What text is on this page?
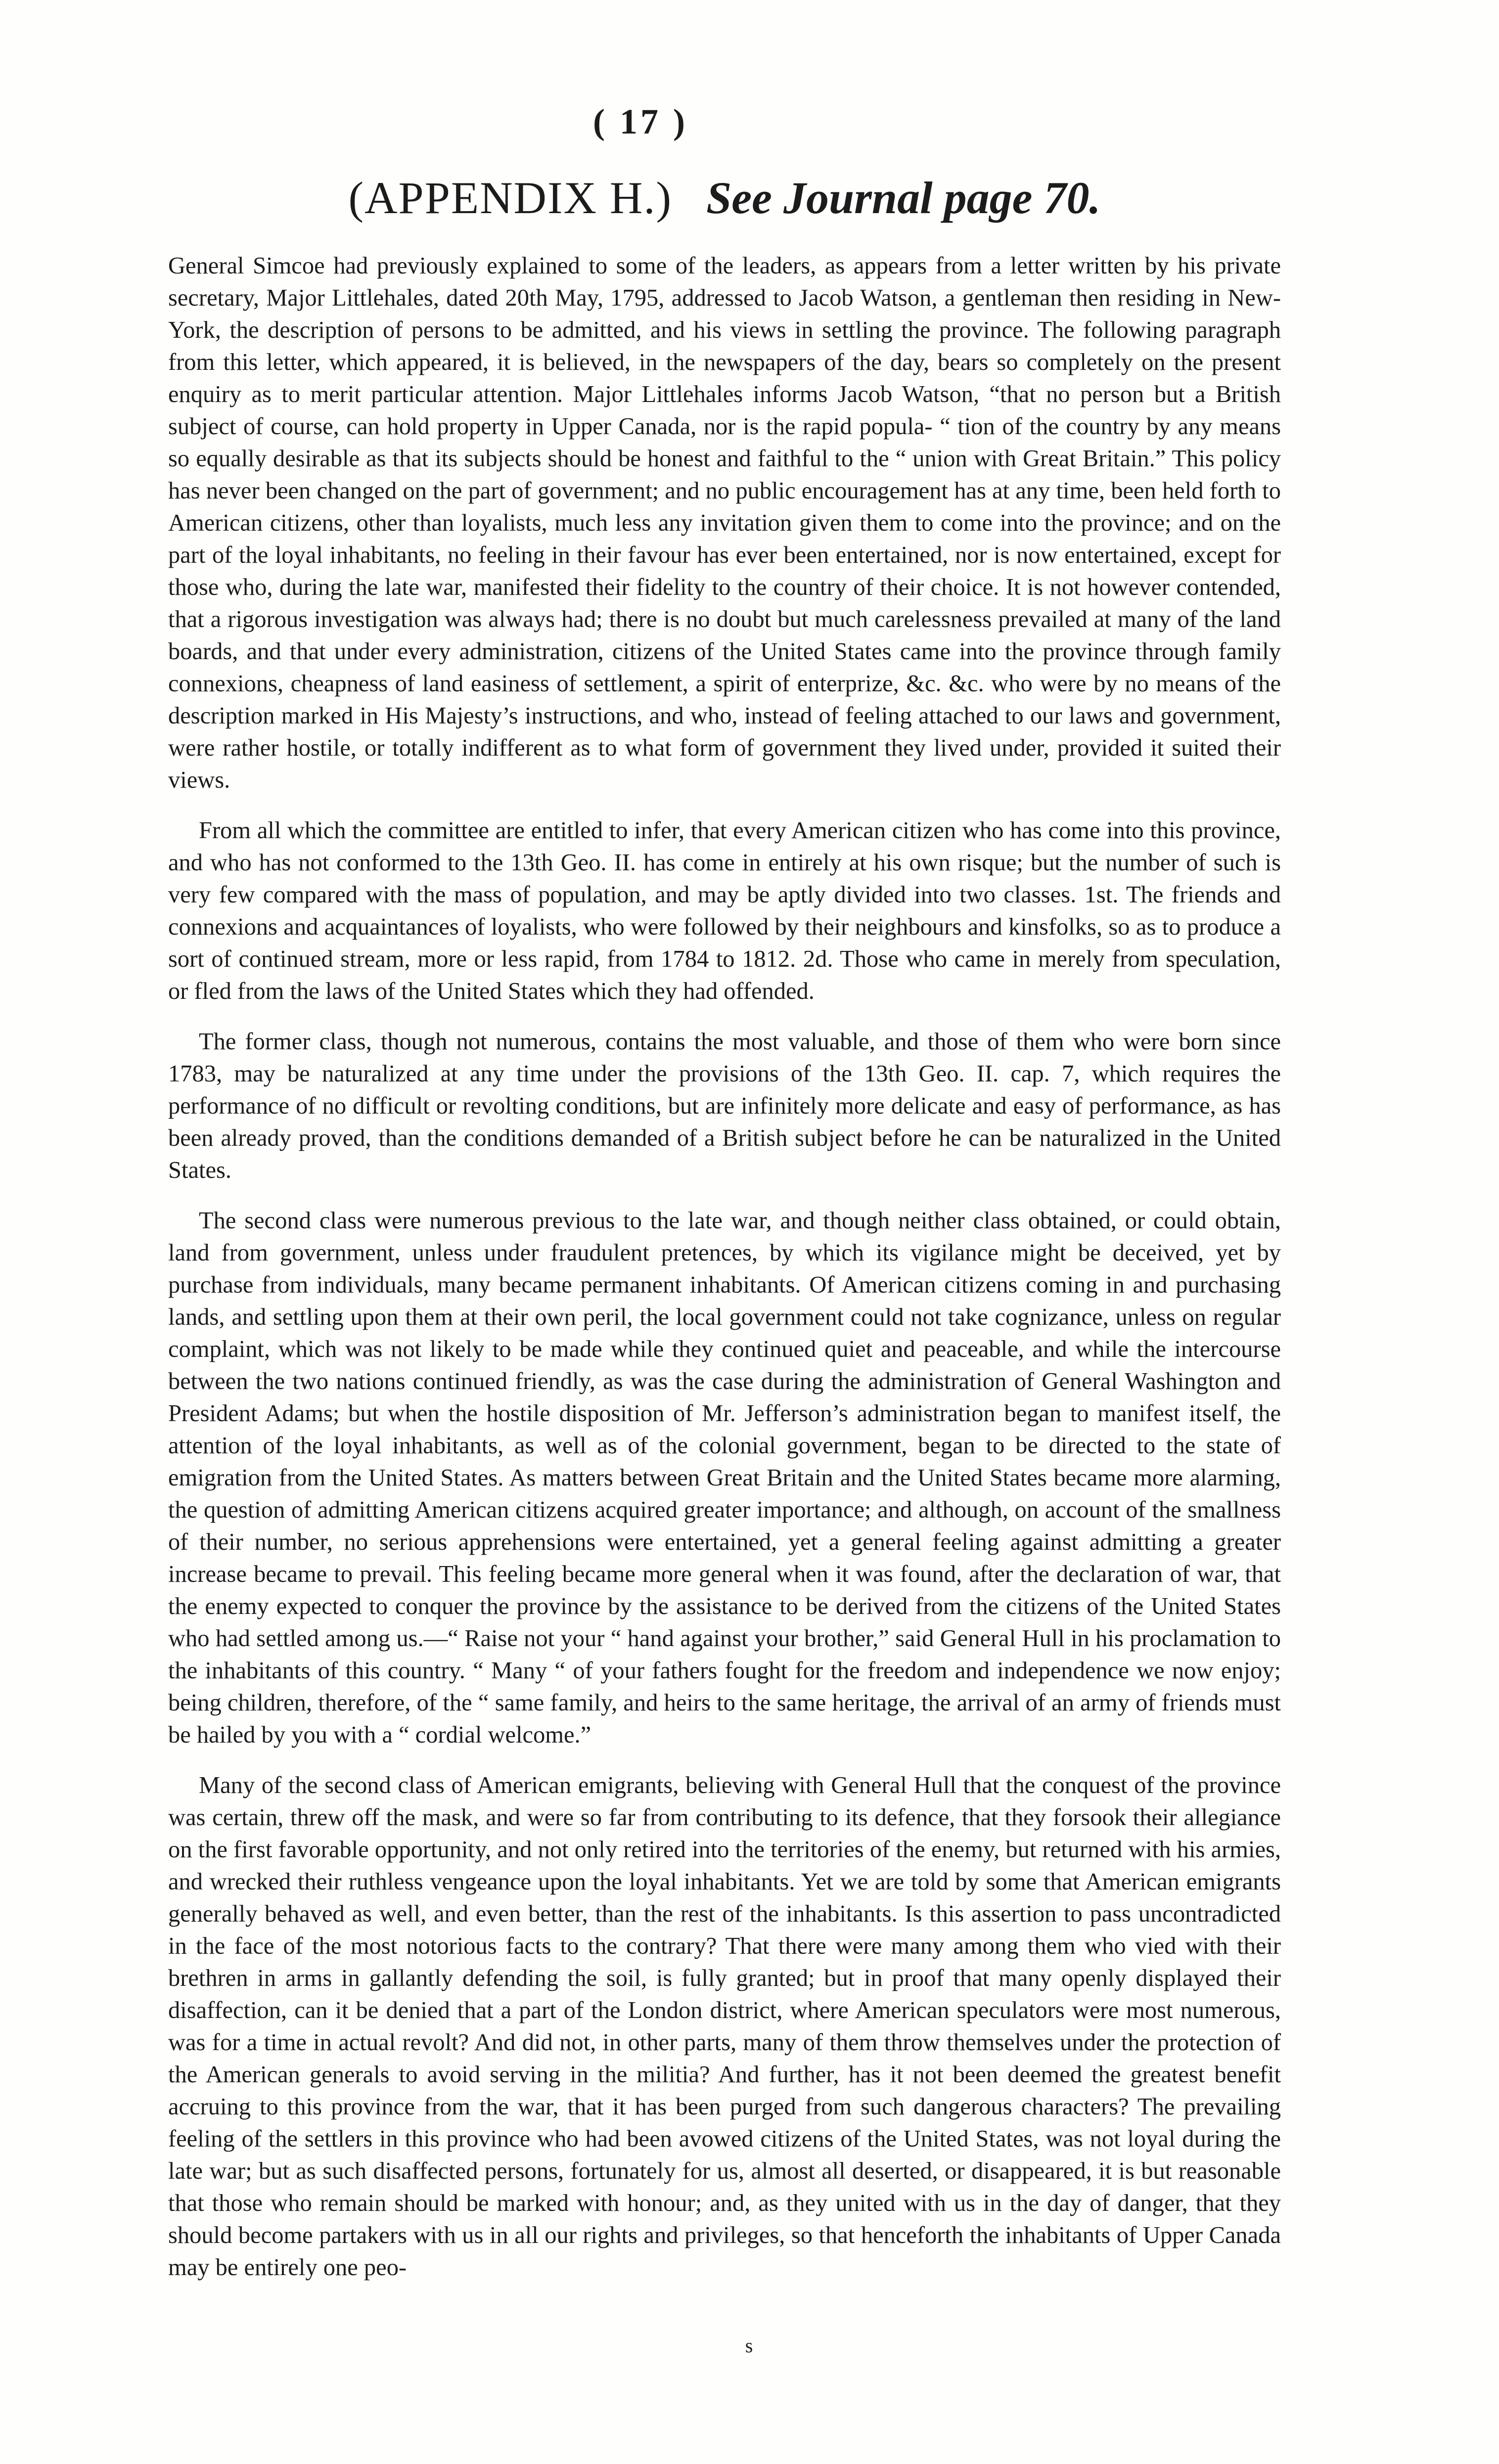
( 17 )
(APPENDIX H.) See Journal page 70.

General Simcoe had previously explained to some of the leaders, as appears from a letter written by his private secretary, Major Littlehales, dated 20th May, 1795, addressed to Jacob Watson, a gentleman then residing in New-York, the description of persons to be admitted, and his views in settling the province. The following paragraph from this letter, which appeared, it is believed, in the newspapers of the day, bears so completely on the present enquiry as to merit particular attention. Major Littlehales informs Jacob Watson, “that no person but a British subject of course, can hold property in Upper Canada, nor is the rapid popula- “ tion of the country by any means so equally desirable as that its subjects should be honest and faithful to the “ union with Great Britain.” This policy has never been changed on the part of government; and no public encouragement has at any time, been held forth to American citizens, other than loyalists, much less any invitation given them to come into the province; and on the part of the loyal inhabitants, no feeling in their favour has ever been entertained, nor is now entertained, except for those who, during the late war, manifested their fidelity to the country of their choice. It is not however contended, that a rigorous investigation was always had; there is no doubt but much carelessness prevailed at many of the land boards, and that under every administration, citizens of the United States came into the province through family connexions, cheapness of land easiness of settlement, a spirit of enterprize, &c. &c. who were by no means of the description marked in His Majesty’s instructions, and who, instead of feeling attached to our laws and government, were rather hostile, or totally indifferent as to what form of government they lived under, provided it suited their views.

From all which the committee are entitled to infer, that every American citizen who has come into this province, and who has not conformed to the 13th Geo. II. has come in entirely at his own risque; but the number of such is very few compared with the mass of population, and may be aptly divided into two classes. 1st. The friends and connexions and acquaintances of loyalists, who were followed by their neighbours and kinsfolks, so as to produce a sort of continued stream, more or less rapid, from 1784 to 1812. 2d. Those who came in merely from speculation, or fled from the laws of the United States which they had offended.

The former class, though not numerous, contains the most valuable, and those of them who were born since 1783, may be naturalized at any time under the provisions of the 13th Geo. II. cap. 7, which requires the performance of no difficult or revolting conditions, but are infinitely more delicate and easy of performance, as has been already proved, than the conditions demanded of a British subject before he can be naturalized in the United States.

The second class were numerous previous to the late war, and though neither class obtained, or could obtain, land from government, unless under fraudulent pretences, by which its vigilance might be deceived, yet by purchase from individuals, many became permanent inhabitants. Of American citizens coming in and purchasing lands, and settling upon them at their own peril, the local government could not take cognizance, unless on regular complaint, which was not likely to be made while they continued quiet and peaceable, and while the intercourse between the two nations continued friendly, as was the case during the administration of General Washington and President Adams; but when the hostile disposition of Mr. Jefferson’s administration began to manifest itself, the attention of the loyal inhabitants, as well as of the colonial government, began to be directed to the state of emigration from the United States. As matters between Great Britain and the United States became more alarming, the question of admitting American citizens acquired greater importance; and although, on account of the smallness of their number, no serious apprehensions were entertained, yet a general feeling against admitting a greater increase became to prevail. This feeling became more general when it was found, after the declaration of war, that the enemy expected to conquer the province by the assistance to be derived from the citizens of the United States who had settled among us.—“ Raise not your “ hand against your brother,” said General Hull in his proclamation to the inhabitants of this country. “ Many “ of your fathers fought for the freedom and independence we now enjoy; being children, therefore, of the “ same family, and heirs to the same heritage, the arrival of an army of friends must be hailed by you with a “ cordial welcome.”

Many of the second class of American emigrants, believing with General Hull that the conquest of the province was certain, threw off the mask, and were so far from contributing to its defence, that they forsook their allegiance on the first favorable opportunity, and not only retired into the territories of the enemy, but returned with his armies, and wrecked their ruthless vengeance upon the loyal inhabitants. Yet we are told by some that American emigrants generally behaved as well, and even better, than the rest of the inhabitants. Is this assertion to pass uncontradicted in the face of the most notorious facts to the contrary? That there were many among them who vied with their brethren in arms in gallantly defending the soil, is fully granted; but in proof that many openly displayed their disaffection, can it be denied that a part of the London district, where American speculators were most numerous, was for a time in actual revolt? And did not, in other parts, many of them throw themselves under the protection of the American generals to avoid serving in the militia? And further, has it not been deemed the greatest benefit accruing to this province from the war, that it has been purged from such dangerous characters? The prevailing feeling of the settlers in this province who had been avowed citizens of the United States, was not loyal during the late war; but as such disaffected persons, fortunately for us, almost all deserted, or disappeared, it is but reasonable that those who remain should be marked with honour; and, as they united with us in the day of danger, that they should become partakers with us in all our rights and privileges, so that henceforth the inhabitants of Upper Canada may be entirely one peo-

s
